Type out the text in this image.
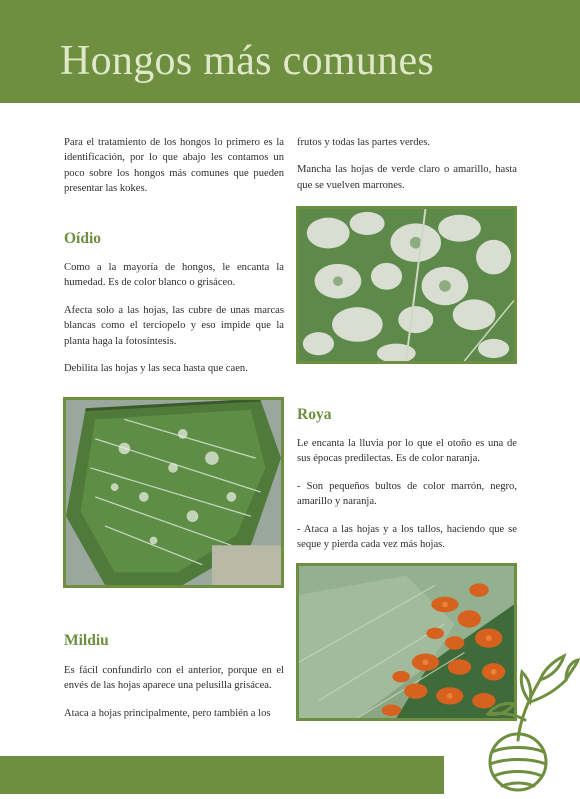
Hongos más comunes

Para el tratamiento de los hongos lo primero es la identificación, por lo que abajo les contamos un poco sobre los hongos más comunes que pueden presentar las kokes.

Oídio

Como a la mayoría de hongos, le encanta la humedad. Es de color blanco o grisáceo.

Afecta solo a las hojas, las cubre de unas marcas blancas como el terciopelo y eso impide que la planta haga la fotosíntesis.

Debilita las hojas y las seca hasta que caen.

Mildiu

Es fácil confundirlo con el anterior, porque en el envés de las hojas aparece una pelusilla grisácea.

Ataca a hojas principalmente, pero también a los

frutos y todas las partes verdes.

Mancha las hojas de verde claro o amarillo, hasta que se vuelven marrones.

Roya

Le encanta la lluvia por lo que el otoño es una de sus épocas predilectas. Es de color naranja.

- Son pequeños bultos de color marrón, negro, amarillo y naranja.

- Ataca a las hojas y a los tallos, haciendo que se seque y pierda cada vez más hojas.
